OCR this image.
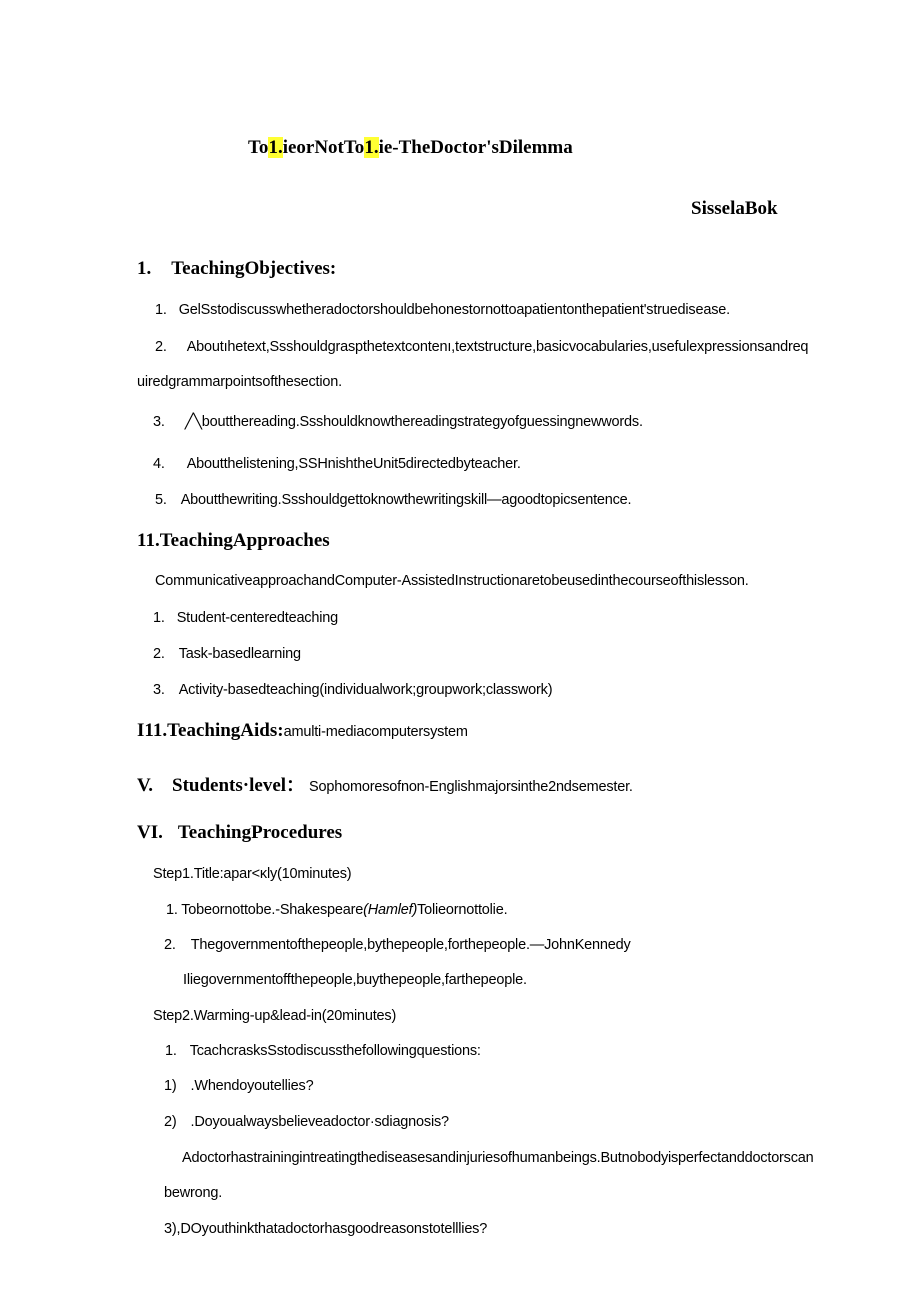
To1.ieorNotTo1.ie-TheDoctor'sDilemma
SisselaBok
1. TeachingObjectives:
1. GelSstodiscusswhetheradoctorshouldbehonestornottoapatientonthepatient'struedisease.
2. Aboutıhetext,Ssshouldgraspthetextcontenı,textstructure,basicvocabularies,usefulexpressionsandreq
uiredgrammarpointsofthesection.
3. ╱╲boutthereading.Ssshouldknowthereadingstrategyofguessingnewwords.
4. Aboutthelistening,SSHnishtheUnit5directedbyteacher.
5. Aboutthewriting.Ssshouldgettoknowthewritingskill—agoodtopicsentence.
11.TeachingApproaches
CommunicativeapproachandComputer-AssistedInstructionaretobeusedinthecourseofthislesson.
1. Student-centeredteaching
2. Task-basedlearning
3. Activity-basedteaching(individualwork;groupwork;classwork)
I11.TeachingAids:amulti-mediacomputersystem
V. Students·level： Sophomoresofnon-Englishmajorsinthe2ndsemester.
VI. TeachingProcedures
Step1.Title:apar<κly(10minutes)
1. Tobeornottobe.-Shakespeare(Hamlef)Tolieornottolie.
2. Thegovernmentofthepeople,bythepeople,forthepeople.—JohnKennedy
Iliegovernmentoffthepeople,buythepeople,farthepeople.
Step2.Warming-up&lead-in(20minutes)
1. TcachcrasksSstodiscussthefollowingquestions:
1) .Whendoyoutellies?
2) .Doyoualwaysbelieveadoctor·sdiagnosis?
Adoctorhastrainingintreatingthediseasesandinjuriesofhumanbeings.Butnobodyisperfectanddoctorscan
bewrong.
3),DOyouthinkthatadoctorhasgoodreasonstotelllies?
